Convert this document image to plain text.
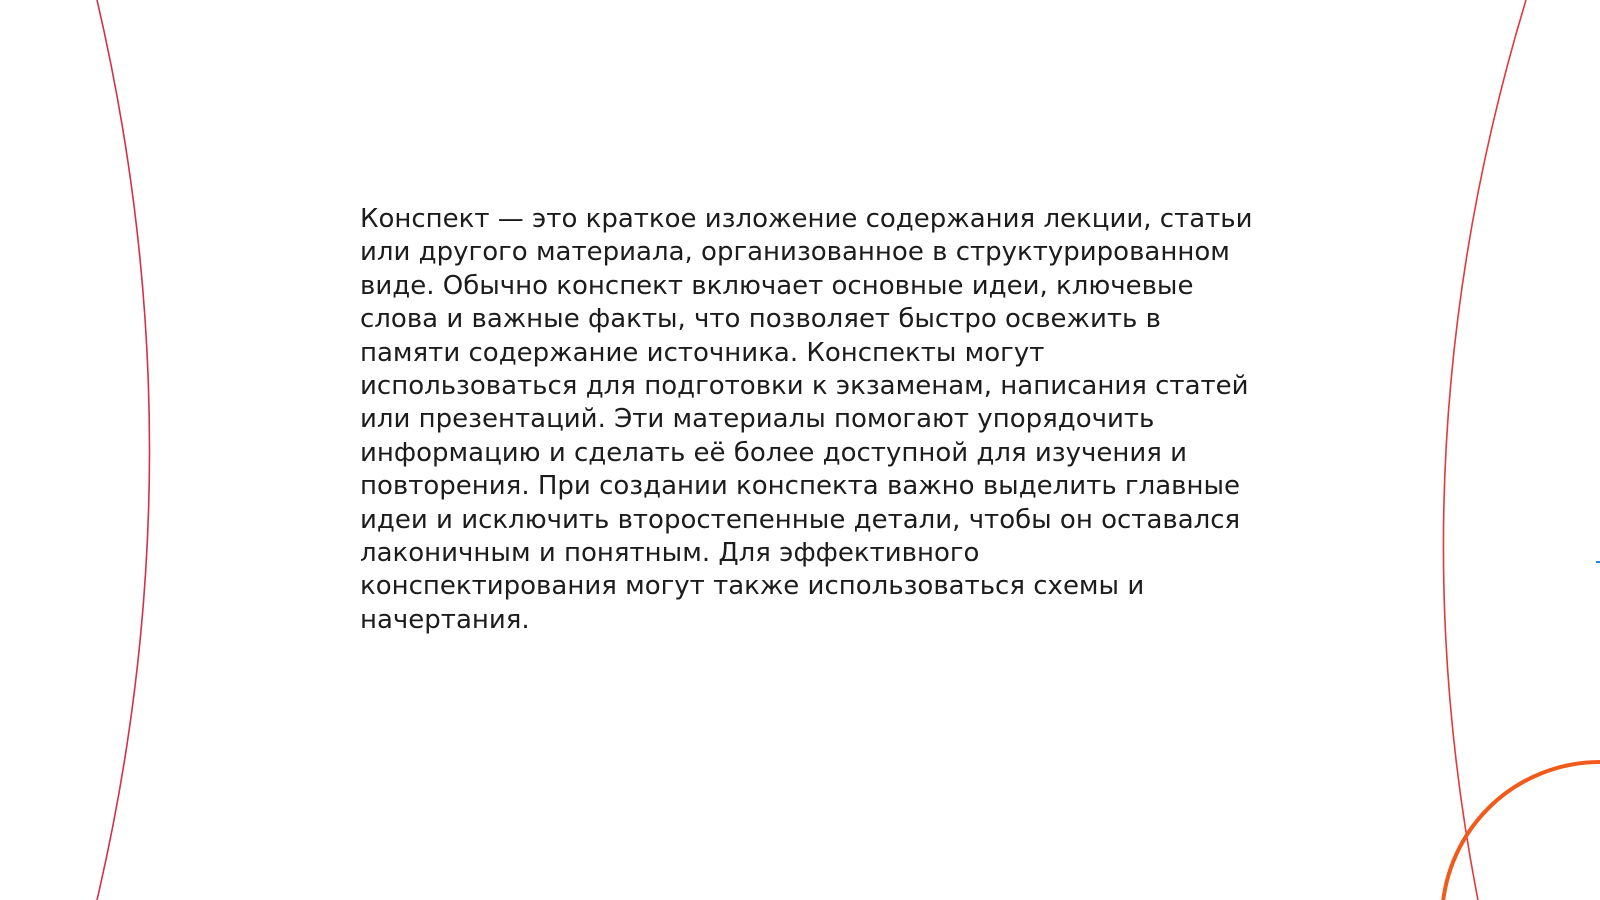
Конспект — это краткое изложение содержания лекции, статьи
или другого материала, организованное в структурированном
виде. Обычно конспект включает основные идеи, ключевые
слова и важные факты, что позволяет быстро освежить в
памяти содержание источника. Конспекты могут
использоваться для подготовки к экзаменам, написания статей
или презентаций. Эти материалы помогают упорядочить
информацию и сделать её более доступной для изучения и
повторения. При создании конспекта важно выделить главные
идеи и исключить второстепенные детали, чтобы он оставался
лаконичным и понятным. Для эффективного
конспектирования могут также использоваться схемы и
начертания.
